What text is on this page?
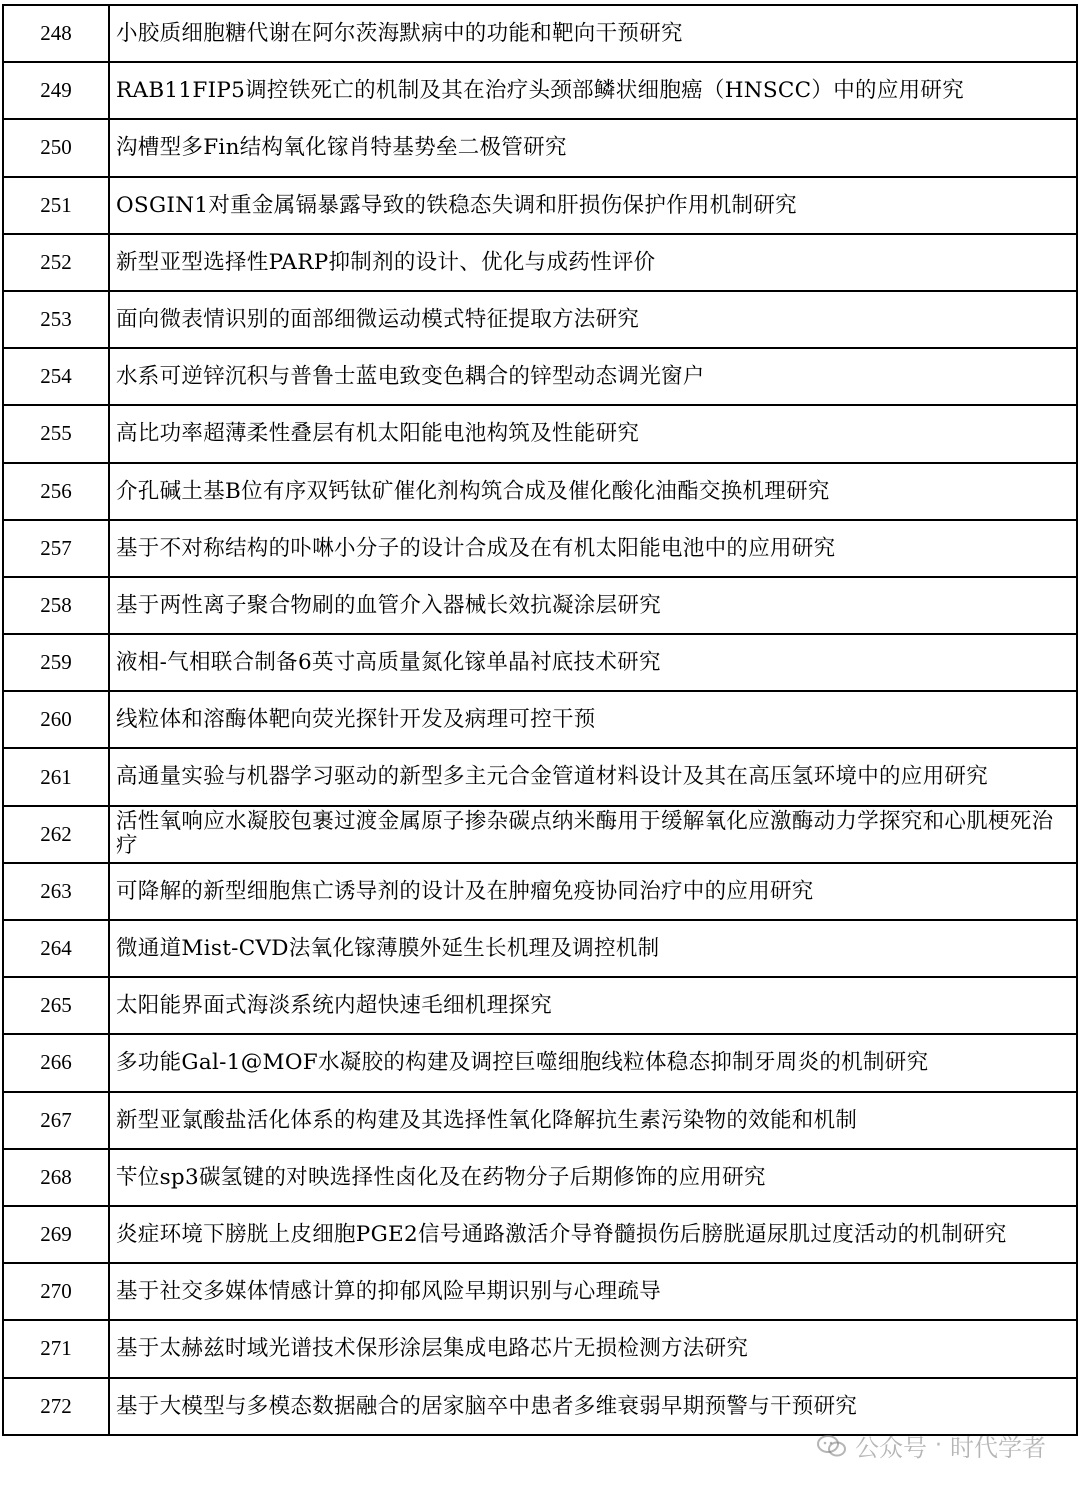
248	小胶质细胞糖代谢在阿尔茨海默病中的功能和靶向干预研究
249	RAB11FIP5调控铁死亡的机制及其在治疗头颈部鳞状细胞癌（HNSCC）中的应用研究
250	沟槽型多Fin结构氧化镓肖特基势垒二极管研究
251	OSGIN1对重金属镉暴露导致的铁稳态失调和肝损伤保护作用机制研究
252	新型亚型选择性PARP抑制剂的设计、优化与成药性评价
253	面向微表情识别的面部细微运动模式特征提取方法研究
254	水系可逆锌沉积与普鲁士蓝电致变色耦合的锌型动态调光窗户
255	高比功率超薄柔性叠层有机太阳能电池构筑及性能研究
256	介孔碱土基B位有序双钙钛矿催化剂构筑合成及催化酸化油酯交换机理研究
257	基于不对称结构的卟啉小分子的设计合成及在有机太阳能电池中的应用研究
258	基于两性离子聚合物刷的血管介入器械长效抗凝涂层研究
259	液相-气相联合制备6英寸高质量氮化镓单晶衬底技术研究
260	线粒体和溶酶体靶向荧光探针开发及病理可控干预
261	高通量实验与机器学习驱动的新型多主元合金管道材料设计及其在高压氢环境中的应用研究
262	活性氧响应水凝胶包裹过渡金属原子掺杂碳点纳米酶用于缓解氧化应激酶动力学探究和心肌梗死治疗
263	可降解的新型细胞焦亡诱导剂的设计及在肿瘤免疫协同治疗中的应用研究
264	微通道Mist-CVD法氧化镓薄膜外延生长机理及调控机制
265	太阳能界面式海淡系统内超快速毛细机理探究
266	多功能Gal-1@MOF水凝胶的构建及调控巨噬细胞线粒体稳态抑制牙周炎的机制研究
267	新型亚氯酸盐活化体系的构建及其选择性氧化降解抗生素污染物的效能和机制
268	苄位sp3碳氢键的对映选择性卤化及在药物分子后期修饰的应用研究
269	炎症环境下膀胱上皮细胞PGE2信号通路激活介导脊髓损伤后膀胱逼尿肌过度活动的机制研究
270	基于社交多媒体情感计算的抑郁风险早期识别与心理疏导
271	基于太赫兹时域光谱技术保形涂层集成电路芯片无损检测方法研究
272	基于大模型与多模态数据融合的居家脑卒中患者多维衰弱早期预警与干预研究
公众号 · 时代学者
